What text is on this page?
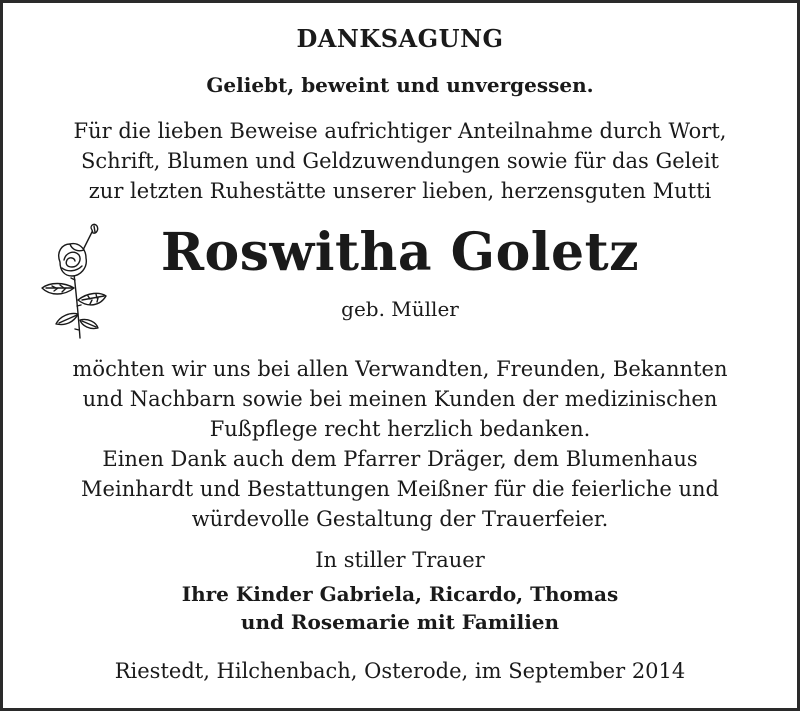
DANKSAGUNG
Geliebt, beweint und unvergessen.
Für die lieben Beweise aufrichtiger Anteilnahme durch Wort,
Schrift, Blumen und Geldzuwendungen sowie für das Geleit
zur letzten Ruhestätte unserer lieben, herzensguten Mutti
Roswitha Goletz
geb. Müller
möchten wir uns bei allen Verwandten, Freunden, Bekannten
und Nachbarn sowie bei meinen Kunden der medizinischen
Fußpflege recht herzlich bedanken.
Einen Dank auch dem Pfarrer Dräger, dem Blumenhaus
Meinhardt und Bestattungen Meißner für die feierliche und
würdevolle Gestaltung der Trauerfeier.
In stiller Trauer
Ihre Kinder Gabriela, Ricardo, Thomas
und Rosemarie mit Familien
Riestedt, Hilchenbach, Osterode, im September 2014
